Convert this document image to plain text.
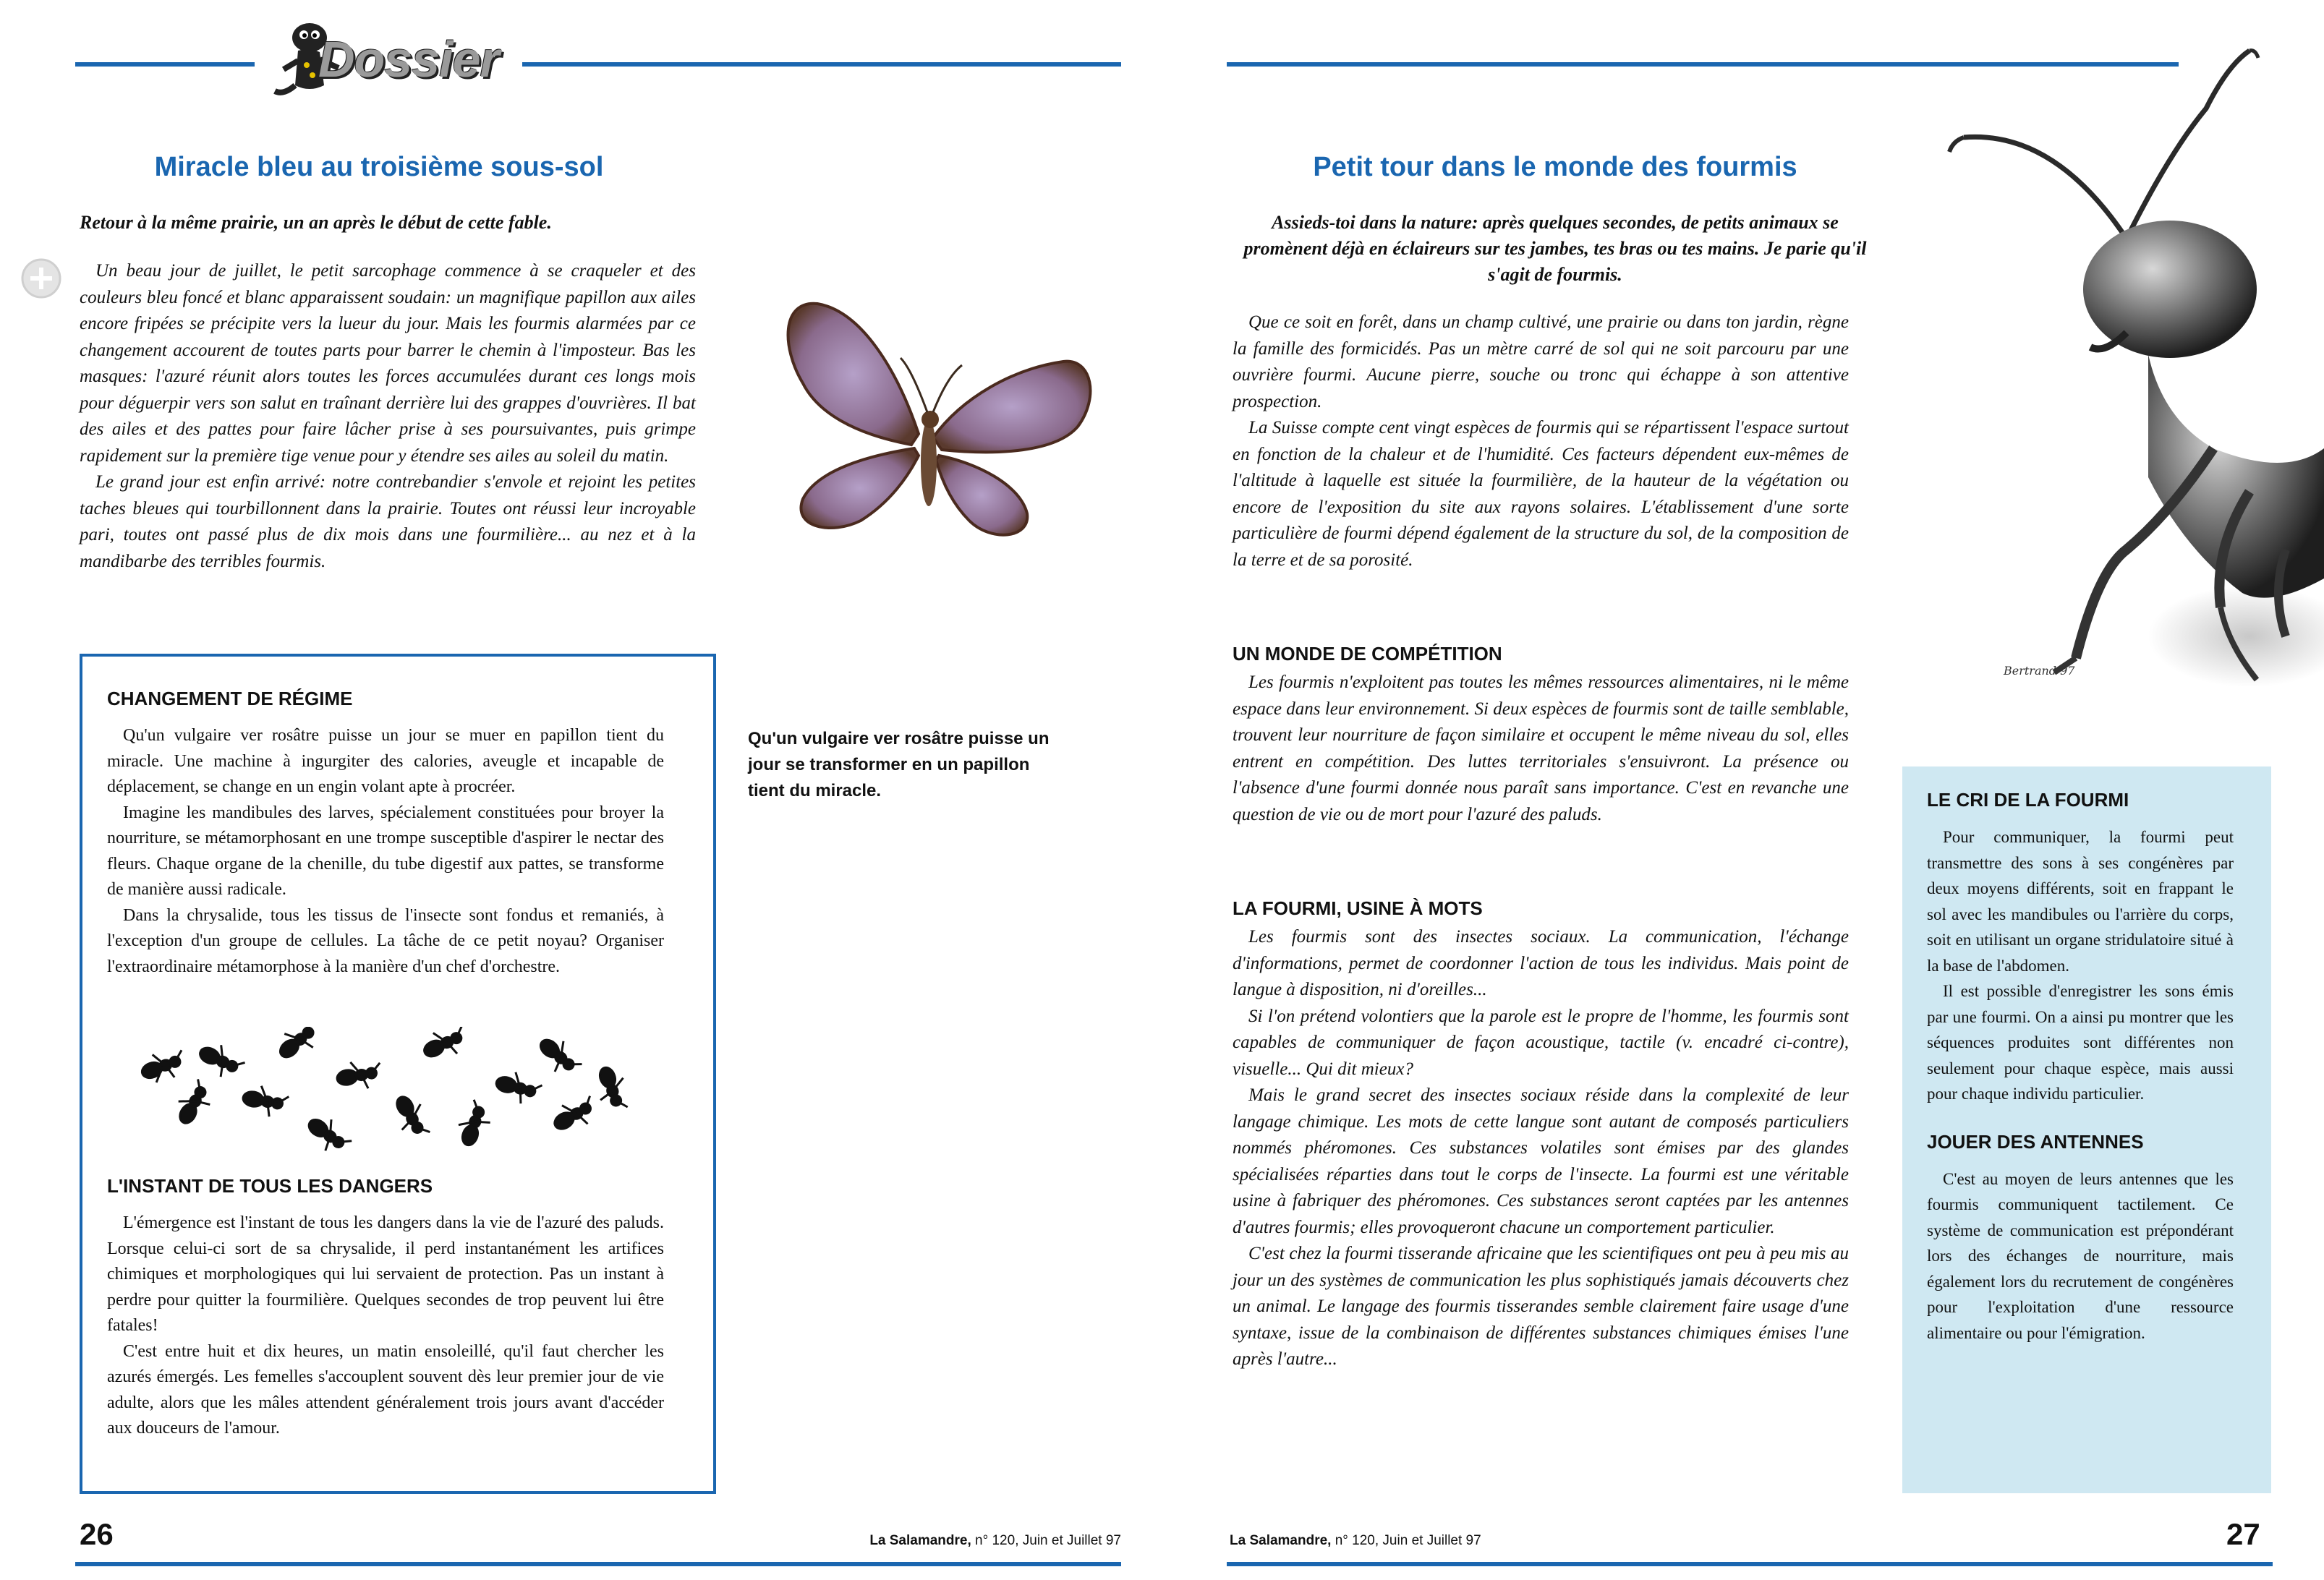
Dossier
Miracle bleu au troisième sous-sol
Retour à la même prairie, un an après le début de cette fable.

Un beau jour de juillet, le petit sarcophage commence à se craqueler et des couleurs bleu foncé et blanc apparaissent soudain: un magnifique papillon aux ailes encore fripées se précipite vers la lueur du jour. Mais les fourmis alarmées par ce changement accourent de toutes parts pour barrer le chemin à l'imposteur. Bas les masques: l'azuré réunit alors toutes les forces accumulées durant ces longs mois pour déguerpir vers son salut en traînant derrière lui des grappes d'ouvrières. Il bat des ailes et des pattes pour faire lâcher prise à ses poursuivantes, puis grimpe rapidement sur la première tige venue pour y étendre ses ailes au soleil du matin.

Le grand jour est enfin arrivé: notre contrebandier s'envole et rejoint les petites taches bleues qui tourbillonnent dans la prairie. Toutes ont réussi leur incroyable pari, toutes ont passé plus de dix mois dans une fourmilière... au nez et à la mandibarbe des terribles fourmis.

Qu'un vulgaire ver rosâtre puisse un jour se transformer en un papillon tient du miracle.
CHANGEMENT DE RÉGIME

Qu'un vulgaire ver rosâtre puisse un jour se muer en papillon tient du miracle. Une machine à ingurgiter des calories, aveugle et incapable de déplacement, se change en un engin volant apte à procréer.

Imagine les mandibules des larves, spécialement constituées pour broyer la nourriture, se métamorphosant en une trompe susceptible d'aspirer le nectar des fleurs. Chaque organe de la chenille, du tube digestif aux pattes, se transforme de manière aussi radicale.

Dans la chrysalide, tous les tissus de l'insecte sont fondus et remaniés, à l'exception d'un groupe de cellules. La tâche de ce petit noyau? Organiser l'extraordinaire métamorphose à la manière d'un chef d'orchestre.

L'INSTANT DE TOUS LES DANGERS

L'émergence est l'instant de tous les dangers dans la vie de l'azuré des paluds. Lorsque celui-ci sort de sa chrysalide, il perd instantanément les artifices chimiques et morphologiques qui lui servaient de protection. Pas un instant à perdre pour quitter la fourmilière. Quelques secondes de trop peuvent lui être fatales!

C'est entre huit et dix heures, un matin ensoleillé, qu'il faut chercher les azurés émergés. Les femelles s'accouplent souvent dès leur premier jour de vie adulte, alors que les mâles attendent généralement trois jours avant d'accéder aux douceurs de l'amour.

26	La Salamandre, n° 120, Juin et Juillet 97
Petit tour dans le monde des fourmis
Assieds-toi dans la nature: après quelques secondes, de petits animaux se promènent déjà en éclaireurs sur tes jambes, tes bras ou tes mains. Je parie qu'il s'agit de fourmis.

Que ce soit en forêt, dans un champ cultivé, une prairie ou dans ton jardin, règne la famille des formicidés. Pas un mètre carré de sol qui ne soit parcouru par une ouvrière fourmi. Aucune pierre, souche ou tronc qui échappe à son attentive prospection.

La Suisse compte cent vingt espèces de fourmis qui se répartissent l'espace surtout en fonction de la chaleur et de l'humidité. Ces facteurs dépendent eux-mêmes de l'altitude à laquelle est située la fourmilière, de la hauteur de la végétation ou encore de l'exposition du site aux rayons solaires. L'établissement d'une sorte particulière de fourmi dépend également de la structure du sol, de la composition de la terre et de sa porosité.

UN MONDE DE COMPÉTITION

Les fourmis n'exploitent pas toutes les mêmes ressources alimentaires, ni le même espace dans leur environnement. Si deux espèces de fourmis sont de taille semblable, trouvent leur nourriture de façon similaire et occupent le même niveau du sol, elles entrent en compétition. Des luttes territoriales s'ensuivront. La présence ou l'absence d'une fourmi donnée nous paraît sans importance. C'est en revanche une question de vie ou de mort pour l'azuré des paluds.

LA FOURMI, USINE À MOTS

Les fourmis sont des insectes sociaux. La communication, l'échange d'informations, permet de coordonner l'action de tous les individus. Mais point de langue à disposition, ni d'oreilles...

Si l'on prétend volontiers que la parole est le propre de l'homme, les fourmis sont capables de communiquer de façon acoustique, tactile (v. encadré ci-contre), visuelle... Qui dit mieux?

Mais le grand secret des insectes sociaux réside dans la complexité de leur langage chimique. Les mots de cette langue sont autant de composés particuliers nommés phéromones. Ces substances volatiles sont émises par des glandes spécialisées réparties dans tout le corps de l'insecte. La fourmi est une véritable usine à fabriquer des phéromones. Ces substances seront captées par les antennes d'autres fourmis; elles provoqueront chacune un comportement particulier.

C'est chez la fourmi tisserande africaine que les scientifiques ont peu à peu mis au jour un des systèmes de communication les plus sophistiqués jamais découverts chez un animal. Le langage des fourmis tisserandes semble clairement faire usage d'une syntaxe, issue de la combinaison de différentes substances chimiques émises l'une après l'autre...

Bertrand 97
LE CRI DE LA FOURMI

Pour communiquer, la fourmi peut transmettre des sons à ses congénères par deux moyens différents, soit en frappant le sol avec les mandibules ou l'arrière du corps, soit en utilisant un organe stridulatoire situé à la base de l'abdomen.

Il est possible d'enregistrer les sons émis par une fourmi. On a ainsi pu montrer que les séquences produites sont différentes non seulement pour chaque espèce, mais aussi pour chaque individu particulier.

JOUER DES ANTENNES

C'est au moyen de leurs antennes que les fourmis communiquent tactilement. Ce système de communication est prépondérant lors des échanges de nourriture, mais également lors du recrutement de congénères pour l'exploitation d'une ressource alimentaire ou pour l'émigration.

La Salamandre, n° 120, Juin et Juillet 97	27
